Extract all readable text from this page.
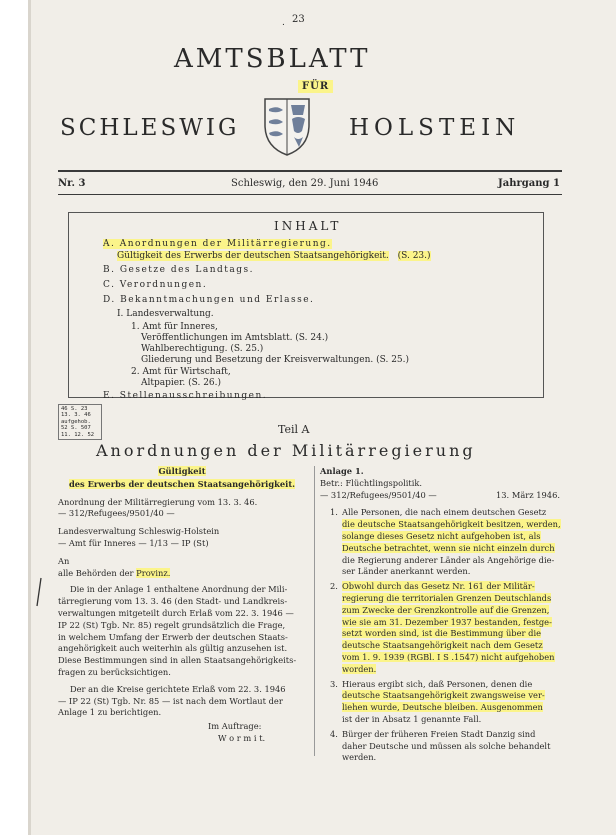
. 23
AMTSBLATT
FÜR
SCHLESWIG	HOLSTEIN
Nr. 3	Schleswig, den 29. Juni 1946	Jahrgang 1
INHALT
A. Anordnungen der Militärregierung.
Gültigkeit des Erwerbs der deutschen Staatsangehörigkeit. (S. 23.)
B. Gesetze des Landtags.
C. Verordnungen.
D. Bekanntmachungen und Erlasse.
I. Landesverwaltung.
1. Amt für Inneres,
Veröffentlichungen im Amtsblatt. (S. 24.)
Wahlberechtigung. (S. 25.)
Gliederung und Besetzung der Kreisverwaltungen. (S. 25.)
2. Amt für Wirtschaft,
Altpapier. (S. 26.)
E. Stellenausschreibungen.
46 S. 23
13. 3. 46
aufgehob.
52 S. 507
11. 12. 52	Teil A
Anordnungen der Militärregierung

Gültigkeit

des Erwerbs der deutschen Staatsangehörigkeit.

Anordnung der Militärregierung vom 13. 3. 46.

— 312/Refugees/9501/40 —

Landesverwaltung Schleswig-Holstein

— Amt für Inneres — 1/13 — IP (St)

An

alle Behörden der Provinz.

Die in der Anlage 1 enthaltene Anordnung der Mili-

tärregierung vom 13. 3. 46 (den Stadt- und Landkreis-

verwaltungen mitgeteilt durch Erlaß vom 22. 3. 1946 —

IP 22 (St) Tgb. Nr. 85) regelt grundsätzlich die Frage,

in welchem Umfang der Erwerb der deutschen Staats-

angehörigkeit auch weiterhin als gültig anzusehen ist.

Diese Bestimmungen sind in allen Staatsangehörigkeits-

fragen zu berücksichtigen.

Der an die Kreise gerichtete Erlaß vom 22. 3. 1946

— IP 22 (St) Tgb. Nr. 85 — ist nach dem Wortlaut der

Anlage 1 zu berichtigen.

Im Auftrage:

W o r m i t.

Anlage 1.

Betr.: Flüchtlingspolitik.

— 312/Refugees/9501/40 —	13. März 1946.

1. Alle Personen, die nach einem deutschen Gesetz

die deutsche Staatsangehörigkeit besitzen, werden,

solange dieses Gesetz nicht aufgehoben ist, als

Deutsche betrachtet, wenn sie nicht einzeln durch

die Regierung anderer Länder als Angehörige die-

ser Länder anerkannt werden.

2. Obwohl durch das Gesetz Nr. 161 der Militär-

regierung die territorialen Grenzen Deutschlands

zum Zwecke der Grenzkontrolle auf die Grenzen,

wie sie am 31. Dezember 1937 bestanden, festge-

setzt worden sind, ist die Bestimmung über die

deutsche Staatsangehörigkeit nach dem Gesetz

vom 1. 9. 1939 (RGBl. I S .1547) nicht aufgehoben

worden.

3. Hieraus ergibt sich, daß Personen, denen die

deutsche Staatsangehörigkeit zwangsweise ver-

liehen wurde, Deutsche bleiben. Ausgenommen

ist der in Absatz 1 genannte Fall.

4. Bürger der früheren Freien Stadt Danzig sind

daher Deutsche und müssen als solche behandelt

werden.
